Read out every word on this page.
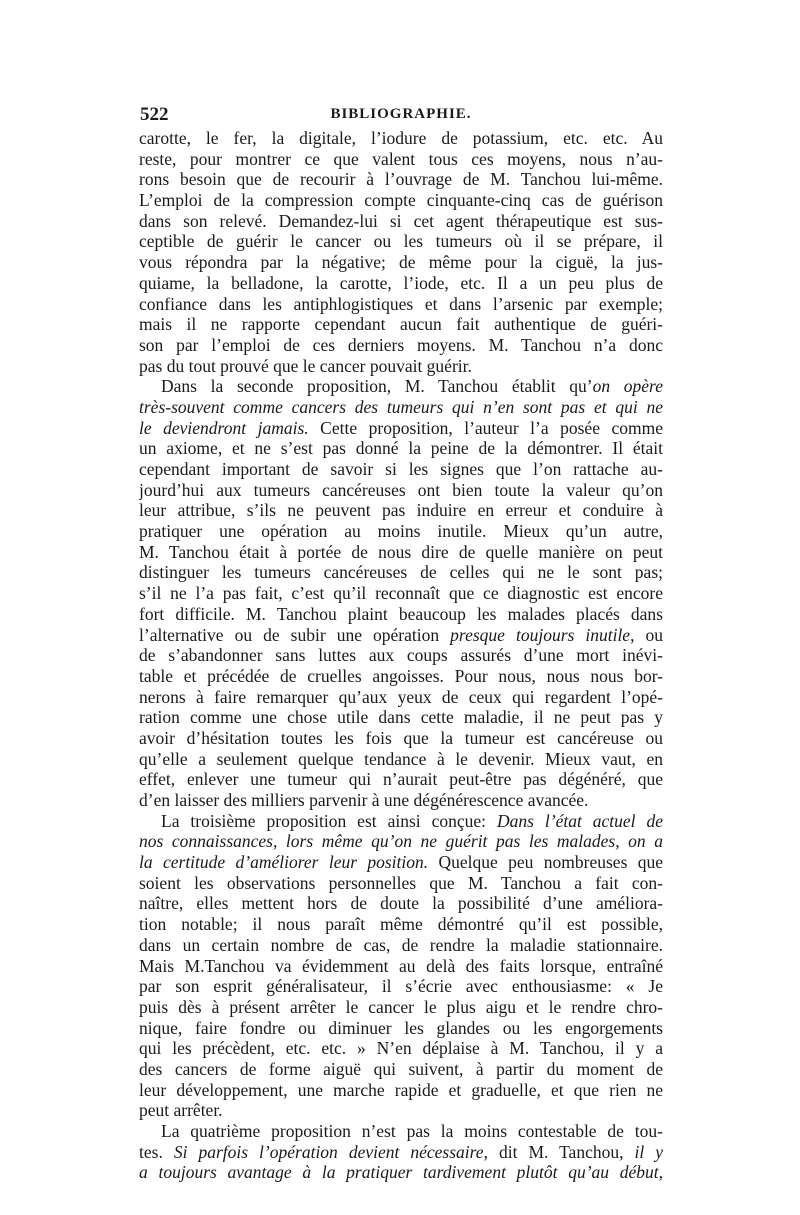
522	BIBLIOGRAPHIE.
carotte, le fer, la digitale, l’iodure de potassium, etc. etc. Au
reste, pour montrer ce que valent tous ces moyens, nous n’au-
rons besoin que de recourir à l’ouvrage de M. Tanchou lui-même.
L’emploi de la compression compte cinquante-cinq cas de guérison
dans son relevé. Demandez-lui si cet agent thérapeutique est sus-
ceptible de guérir le cancer ou les tumeurs où il se prépare, il
vous répondra par la négative; de même pour la ciguë, la jus-
quiame, la belladone, la carotte, l’iode, etc. Il a un peu plus de
confiance dans les antiphlogistiques et dans l’arsenic par exemple;
mais il ne rapporte cependant aucun fait authentique de guéri-
son par l’emploi de ces derniers moyens. M. Tanchou n’a donc
pas du tout prouvé que le cancer pouvait guérir.
Dans la seconde proposition, M. Tanchou établit qu’on opère
très-souvent comme cancers des tumeurs qui n’en sont pas et qui ne
le deviendront jamais. Cette proposition, l’auteur l’a posée comme
un axiome, et ne s’est pas donné la peine de la démontrer. Il était
cependant important de savoir si les signes que l’on rattache au-
jourd’hui aux tumeurs cancéreuses ont bien toute la valeur qu’on
leur attribue, s’ils ne peuvent pas induire en erreur et conduire à
pratiquer une opération au moins inutile. Mieux qu’un autre,
M. Tanchou était à portée de nous dire de quelle manière on peut
distinguer les tumeurs cancéreuses de celles qui ne le sont pas;
s’il ne l’a pas fait, c’est qu’il reconnaît que ce diagnostic est encore
fort difficile. M. Tanchou plaint beaucoup les malades placés dans
l’alternative ou de subir une opération presque toujours inutile, ou
de s’abandonner sans luttes aux coups assurés d’une mort inévi-
table et précédée de cruelles angoisses. Pour nous, nous nous bor-
nerons à faire remarquer qu’aux yeux de ceux qui regardent l’opé-
ration comme une chose utile dans cette maladie, il ne peut pas y
avoir d’hésitation toutes les fois que la tumeur est cancéreuse ou
qu’elle a seulement quelque tendance à le devenir. Mieux vaut, en
effet, enlever une tumeur qui n’aurait peut-être pas dégénéré, que
d’en laisser des milliers parvenir à une dégénérescence avancée.
La troisième proposition est ainsi conçue: Dans l’état actuel de
nos connaissances, lors même qu’on ne guérit pas les malades, on a
la certitude d’améliorer leur position. Quelque peu nombreuses que
soient les observations personnelles que M. Tanchou a fait con-
naître, elles mettent hors de doute la possibilité d’une améliora-
tion notable; il nous paraît même démontré qu’il est possible,
dans un certain nombre de cas, de rendre la maladie stationnaire.
Mais M.Tanchou va évidemment au delà des faits lorsque, entraîné
par son esprit généralisateur, il s’écrie avec enthousiasme: « Je
puis dès à présent arrêter le cancer le plus aigu et le rendre chro-
nique, faire fondre ou diminuer les glandes ou les engorgements
qui les précèdent, etc. etc. » N’en déplaise à M. Tanchou, il y a
des cancers de forme aiguë qui suivent, à partir du moment de
leur développement, une marche rapide et graduelle, et que rien ne
peut arrêter.
La quatrième proposition n’est pas la moins contestable de tou-
tes. Si parfois l’opération devient nécessaire, dit M. Tanchou, il y
a toujours avantage à la pratiquer tardivement plutôt qu’au début,
